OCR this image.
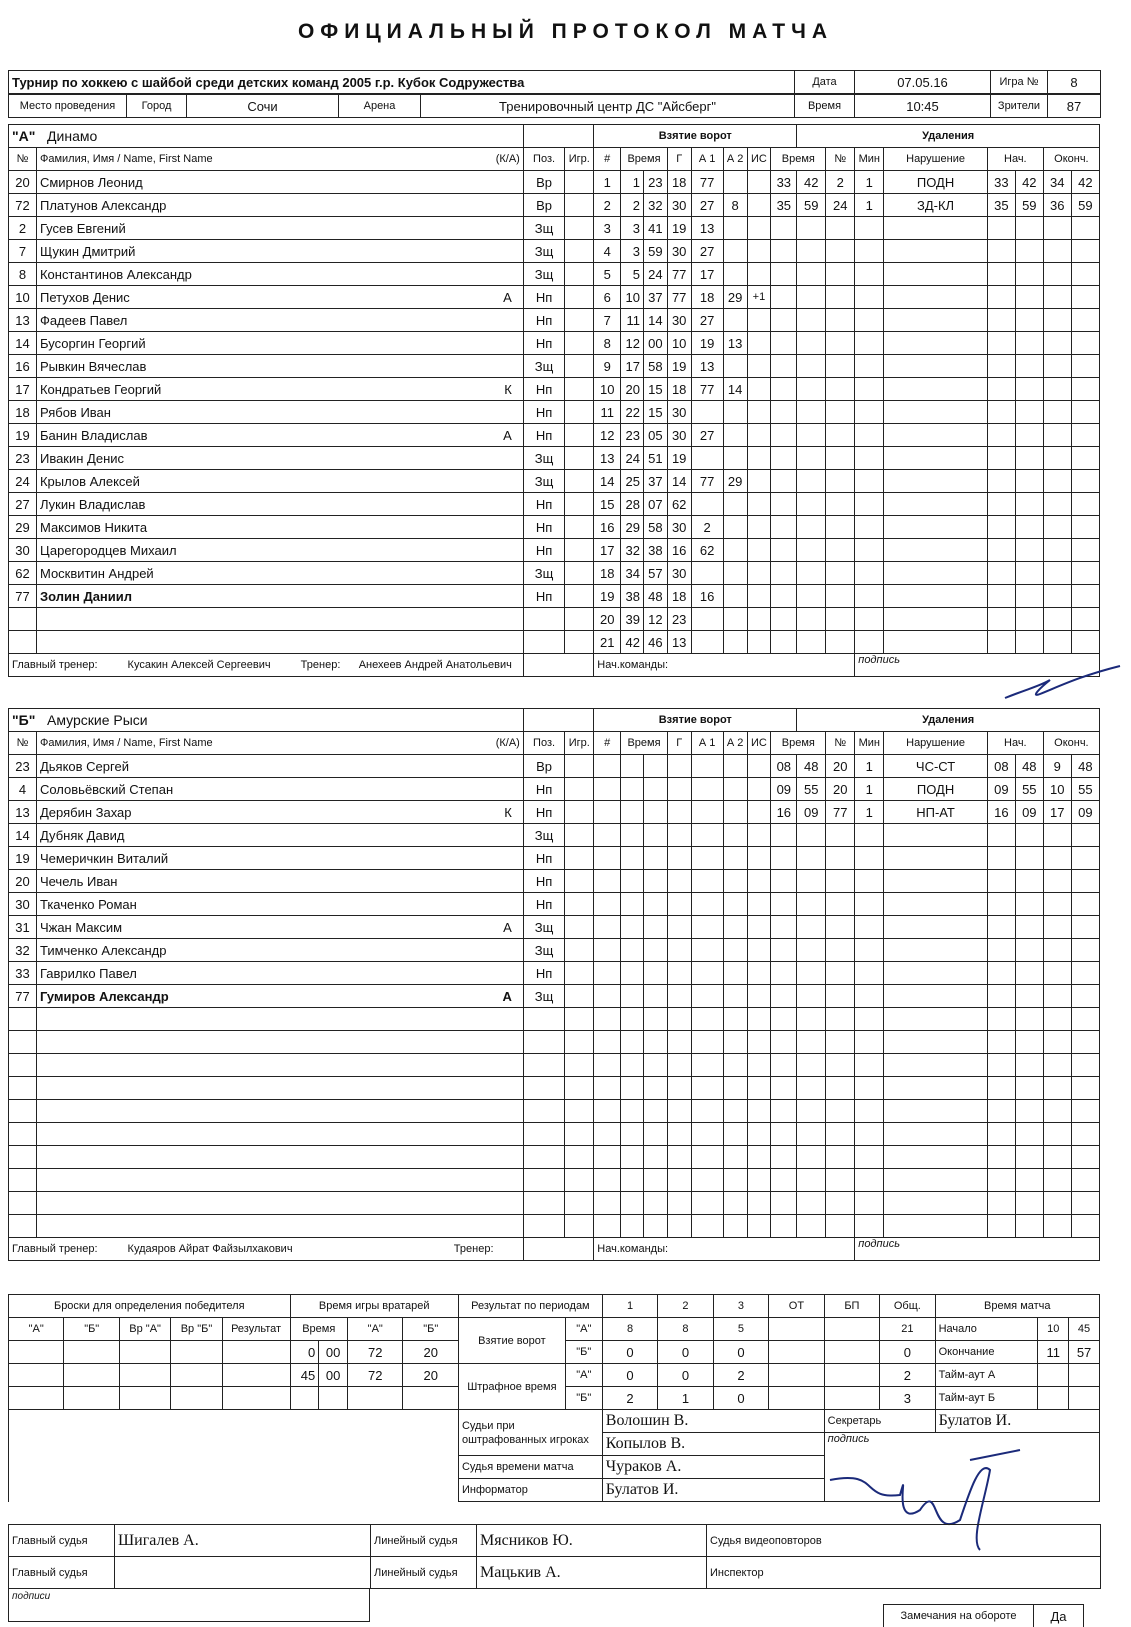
ОФИЦИАЛЬНЫЙ ПРОТОКОЛ МАТЧА
Турнир по хоккею с шайбой среди детских команд 2005 г.р. Кубок Содружества	Дата	07.05.16	Игра №	8
Место проведения	Город	Сочи	Арена	Тренировочный центр ДС "Айсберг"	Время	10:45	Зрители	87
"А"   Динамо				Взятие ворот								Удаления							
№	Фамилия, Имя / Name, First Name (К/А)	Поз.	Игр.	#	Время		Г	А 1	А 2	ИС	Время		№	Мин	Нарушение	Нач.		Оконч.	
20	Смирнов Леонид	Вр		1	1	23	18	77			33	42	2	1	ПОДН	33	42	34	42
72	Платунов Александр	Вр		2	2	32	30	27	8		35	59	24	1	ЗД-КЛ	35	59	36	59
2	Гусев Евгений	Зщ		3	3	41	19	13											
7	Щукин Дмитрий	Зщ		4	3	59	30	27											
8	Константинов Александр	Зщ		5	5	24	77	17											
10	Петухов Денис А	Нп		6	10	37	77	18	29	+1									
13	Фадеев Павел	Нп		7	11	14	30	27											
14	Бусоргин Георгий	Нп		8	12	00	10	19	13										
16	Рывкин Вячеслав	Зщ		9	17	58	19	13											
17	Кондратьев Георгий К	Нп		10	20	15	18	77	14										
18	Рябов Иван	Нп		11	22	15	30												
19	Банин Владислав А	Нп		12	23	05	30	27											
23	Ивакин Денис	Зщ		13	24	51	19												
24	Крылов Алексей	Зщ		14	25	37	14	77	29										
27	Лукин Владислав	Нп		15	28	07	62												
29	Максимов Никита	Нп		16	29	58	30	2											
30	Царегородцев Михаил	Нп		17	32	38	16	62											
62	Москвитин Андрей	Зщ		18	34	57	30												
77	Золин Даниил	Нп		19	38	48	18	16											

			20	39	12	23												

			21	42	46	13												
Главный тренер: Кусакин Алексей Сергеевич Тренер:      Анехеев Андрей Анатольевич				Нач.команды:										подпись					
"Б"   Амурские Рыси				Взятие ворот								Удаления							
№	Фамилия, Имя / Name, First Name (К/А)	Поз.	Игр.	#	Время		Г	А 1	А 2	ИС	Время		№	Мин	Нарушение	Нач.		Оконч.	
23	Дьяков Сергей	Вр									08	48	20	1	ЧС-СТ	08	48	9	48
4	Соловьёвский Степан	Нп									09	55	20	1	ПОДН	09	55	10	55
13	Дерябин Захар К	Нп									16	09	77	1	НП-АТ	16	09	17	09
14	Дубняк Давид	Зщ																	
19	Чемеричкин Виталий	Нп																	
20	Чечель Иван	Нп																	
30	Ткаченко Роман	Нп																	
31	Чжан Максим А	Зщ																	
32	Тимченко Александр	Зщ																	
33	Гаврилко Павел	Нп																	
77	Гумиров Александр А	Зщ																	

Главный тренер: Кудаяров Айрат Файзылхакович Тренер:				Нач.команды:										подпись					
Броски для определения победителя					Время игры вратарей				Результат по периодам		1	2	3	ОТ	БП	Общ.	Время матча		
"А"	"Б"	Вр "А"	Вр "Б"	Результат	Время		"А"	"Б"	Взятие ворот	"А"	8	8	5			21	Начало	10	45
					0	00	72	20		"Б"	0	0	0			0	Окончание	11	57
					45	00	72	20	Штрафное время	"А"	0	0	2			2	Тайм-аут А		
										"Б"	2	1	0			3	Тайм-аут Б		
									Судьи при оштрафованных игроках		Волошин В.				Секретарь		Булатов И.		
											Копылов В.				подпись				
									Судья времени матча		Чураков А.								
									Информатор		Булатов И.								
Главный судья	Шигалев А.	Линейный судья	Мясников Ю.	Судья видеоповторов
Главный судья		Линейный судья	Мацькив А.	Инспектор
подписи
Замечания на обороте	Да
